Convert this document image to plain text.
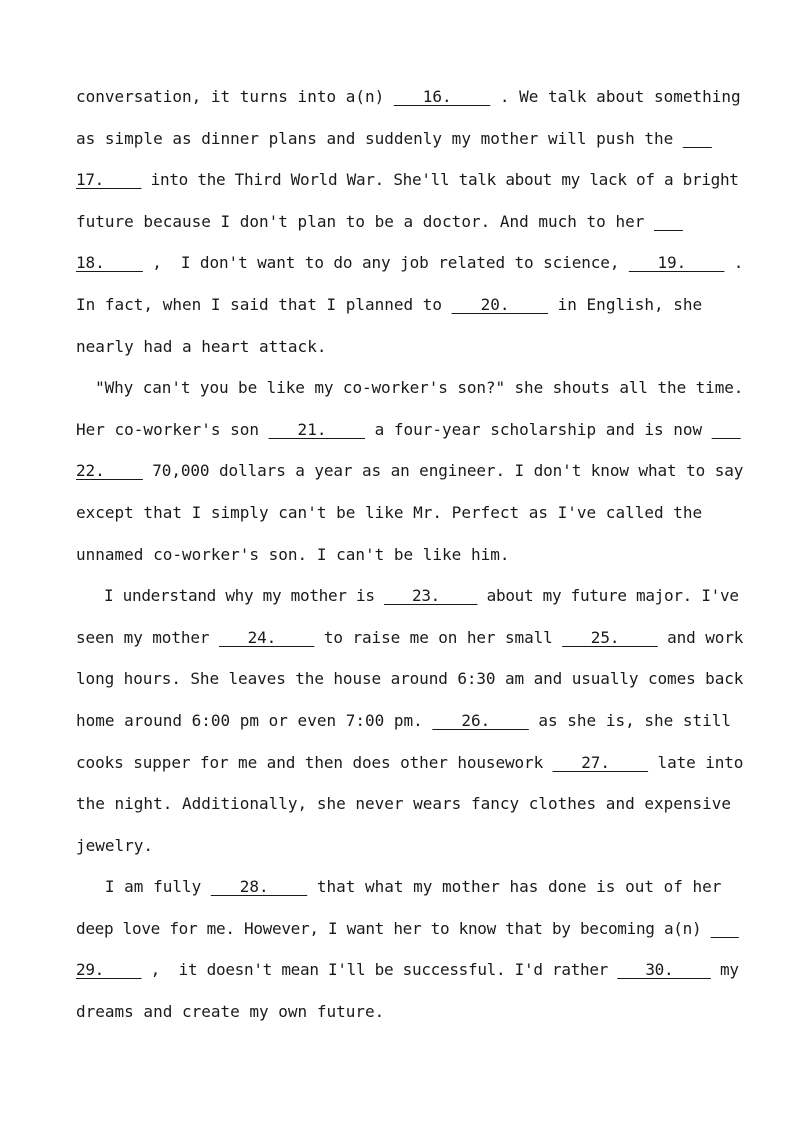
conversation, it turns into a(n) ___16.____ . We talk about something

as simple as dinner plans and suddenly my mother will push the ___

17.____ into the Third World War. She'll talk about my lack of a bright

future because I don't plan to be a doctor. And much to her ___

18.____ ,  I don't want to do any job related to science, ___19.____ .

In fact, when I said that I planned to ___20.____ in English, she

nearly had a heart attack.

"Why can't you be like my co-worker's son?" she shouts all the time.

Her co-worker's son ___21.____ a four-year scholarship and is now ___

22.____ 70,000 dollars a year as an engineer. I don't know what to say

except that I simply can't be like Mr. Perfect as I've called the

unnamed co-worker's son. I can't be like him.

I understand why my mother is ___23.____ about my future major. I've

seen my mother ___24.____ to raise me on her small ___25.____ and work

long hours. She leaves the house around 6:30 am and usually comes back

home around 6:00 pm or even 7:00 pm. ___26.____ as she is, she still

cooks supper for me and then does other housework ___27.____ late into

the night. Additionally, she never wears fancy clothes and expensive

jewelry.

I am fully ___28.____ that what my mother has done is out of her

deep love for me. However, I want her to know that by becoming a(n) ___

29.____ ,  it doesn't mean I'll be successful. I'd rather ___30.____ my

dreams and create my own future.
